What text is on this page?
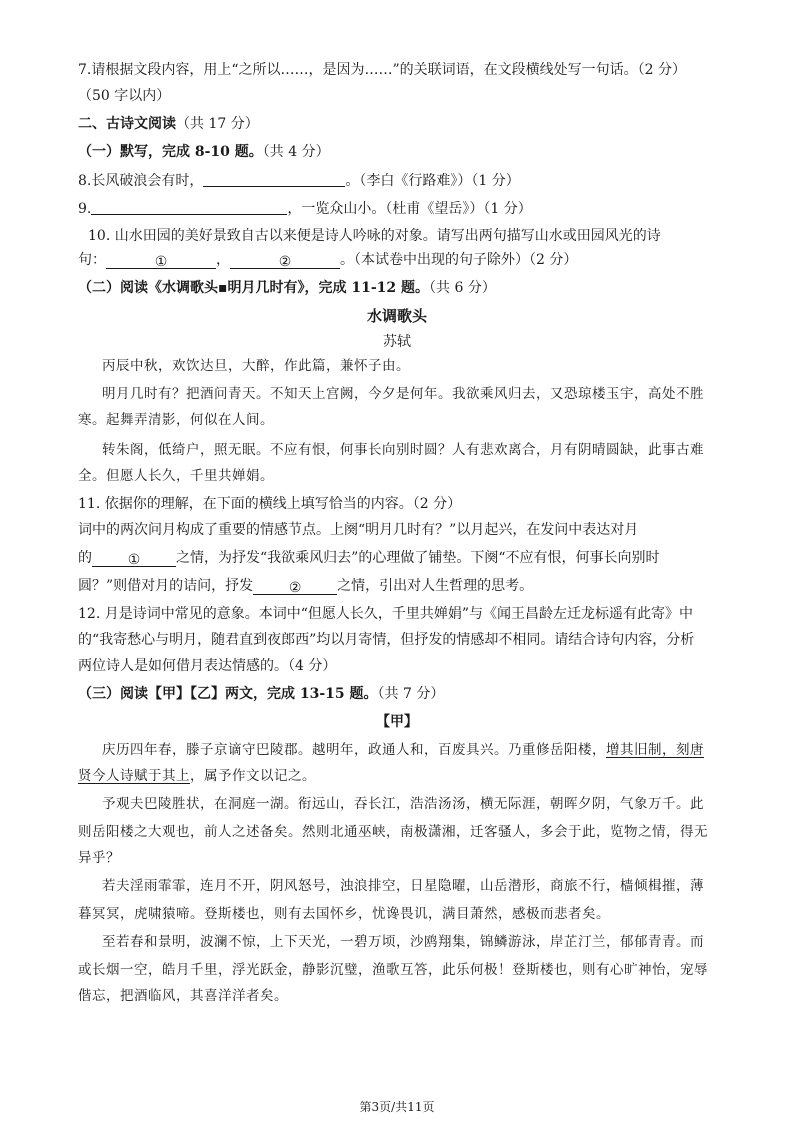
7.请根据文段内容，用上“之所以……，是因为……”的关联词语，在文段横线处写一句话。（2 分）
（50 字以内）
二、古诗文阅读（共 17 分）
（一）默写，完成 8-10 题。（共 4 分）
8.长风破浪会有时，	。（李白《行路难》）（1 分）
9.	，一览众山小。（杜甫《望岳》）（1 分）
10. 山水田园的美好景致自古以来便是诗人吟咏的对象。请写出两句描写山水或田园风光的诗
句：	①	，	②	。（本试卷中出现的句子除外）（2 分）
（二）阅读《水调歌头▪明月几时有》，完成 11-12 题。（共 6 分）
水调歌头
苏轼
丙辰中秋，欢饮达旦，大醉，作此篇，兼怀子由。
明月几时有？把酒问青天。不知天上宫阙，今夕是何年。我欲乘风归去，又恐琼楼玉宇，高处不胜
寒。起舞弄清影，何似在人间。
转朱阁，低绮户，照无眠。不应有恨，何事长向别时圆？人有悲欢离合，月有阴晴圆缺，此事古难
全。但愿人长久，千里共婵娟。
11. 依据你的理解，在下面的横线上填写恰当的内容。（2 分）
词中的两次问月构成了重要的情感节点。上阕“明月几时有？”以月起兴，在发问中表达对月
的	①	之情，为抒发“我欲乘风归去”的心理做了铺垫。下阕“不应有恨，何事长向别时
圆？”则借对月的诘问，抒发	②	之情，引出对人生哲理的思考。
12. 月是诗词中常见的意象。本词中“但愿人长久，千里共婵娟”与《闻王昌龄左迁龙标遥有此寄》中
的“我寄愁心与明月，随君直到夜郎西”均以月寄情，但抒发的情感却不相同。请结合诗句内容，分析
两位诗人是如何借月表达情感的。（4 分）
（三）阅读【甲】【乙】两文，完成 13-15 题。（共 7 分）
【甲】
庆历四年春，滕子京谪守巴陵郡。越明年，政通人和，百废具兴。乃重修岳阳楼，增其旧制，刻唐
贤今人诗赋于其上，属予作文以记之。
予观夫巴陵胜状，在洞庭一湖。衔远山，吞长江，浩浩汤汤，横无际涯，朝晖夕阴，气象万千。此
则岳阳楼之大观也，前人之述备矣。然则北通巫峡，南极潇湘，迁客骚人，多会于此，览物之情，得无
异乎？
若夫淫雨霏霏，连月不开，阴风怒号，浊浪排空，日星隐曜，山岳潜形，商旅不行，樯倾楫摧，薄
暮冥冥，虎啸猿啼。登斯楼也，则有去国怀乡，忧谗畏讥，满目萧然，感极而悲者矣。
至若春和景明，波澜不惊，上下天光，一碧万顷，沙鸥翔集，锦鳞游泳，岸芷汀兰，郁郁青青。而
或长烟一空，皓月千里，浮光跃金，静影沉璧，渔歌互答，此乐何极！登斯楼也，则有心旷神怡，宠辱
偕忘，把酒临风，其喜洋洋者矣。
第3页/共11页
